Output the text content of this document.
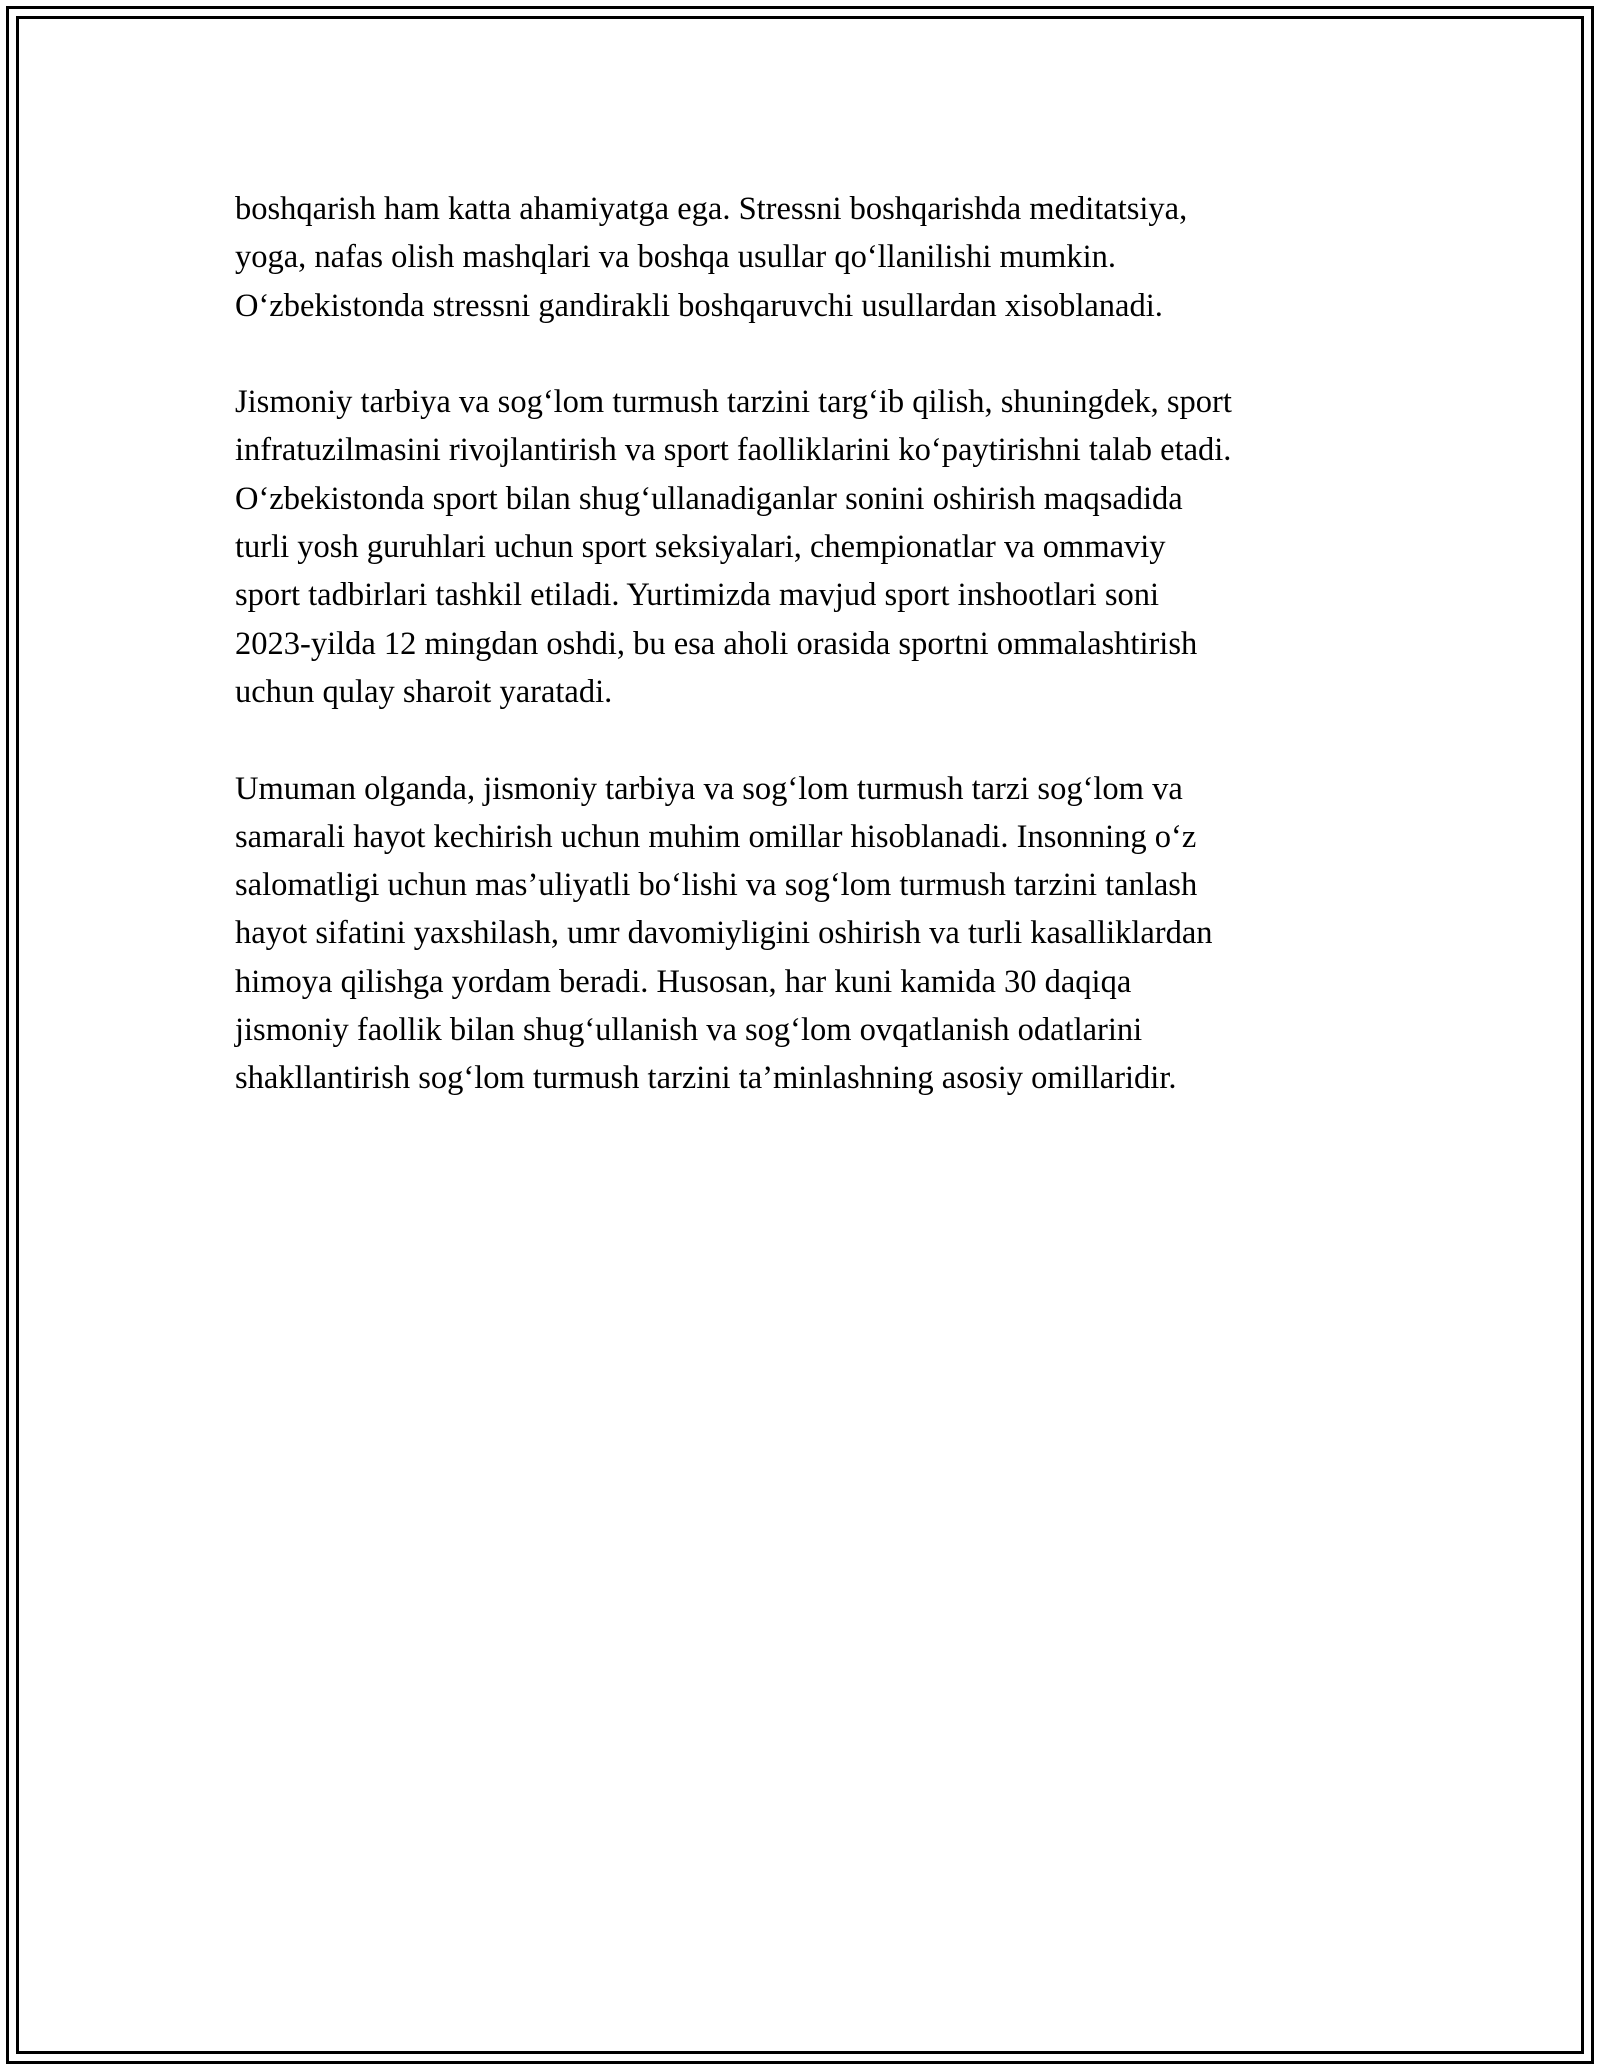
boshqarish ham katta ahamiyatga ega. Stressni boshqarishda meditatsiya,
yoga, nafas olish mashqlari va boshqa usullar qo‘llanilishi mumkin.
O‘zbekistonda stressni gandirakli boshqaruvchi usullardan xisoblanadi.

Jismoniy tarbiya va sog‘lom turmush tarzini targ‘ib qilish, shuningdek, sport
infratuzilmasini rivojlantirish va sport faolliklarini ko‘paytirishni talab etadi.
O‘zbekistonda sport bilan shug‘ullanadiganlar sonini oshirish maqsadida
turli yosh guruhlari uchun sport seksiyalari, chempionatlar va ommaviy
sport tadbirlari tashkil etiladi. Yurtimizda mavjud sport inshootlari soni
2023-yilda 12 mingdan oshdi, bu esa aholi orasida sportni ommalashtirish
uchun qulay sharoit yaratadi.

Umuman olganda, jismoniy tarbiya va sog‘lom turmush tarzi sog‘lom va
samarali hayot kechirish uchun muhim omillar hisoblanadi. Insonning o‘z
salomatligi uchun mas’uliyatli bo‘lishi va sog‘lom turmush tarzini tanlash
hayot sifatini yaxshilash, umr davomiyligini oshirish va turli kasalliklardan
himoya qilishga yordam beradi. Husosan, har kuni kamida 30 daqiqa
jismoniy faollik bilan shug‘ullanish va sog‘lom ovqatlanish odatlarini
shakllantirish sog‘lom turmush tarzini ta’minlashning asosiy omillaridir.
